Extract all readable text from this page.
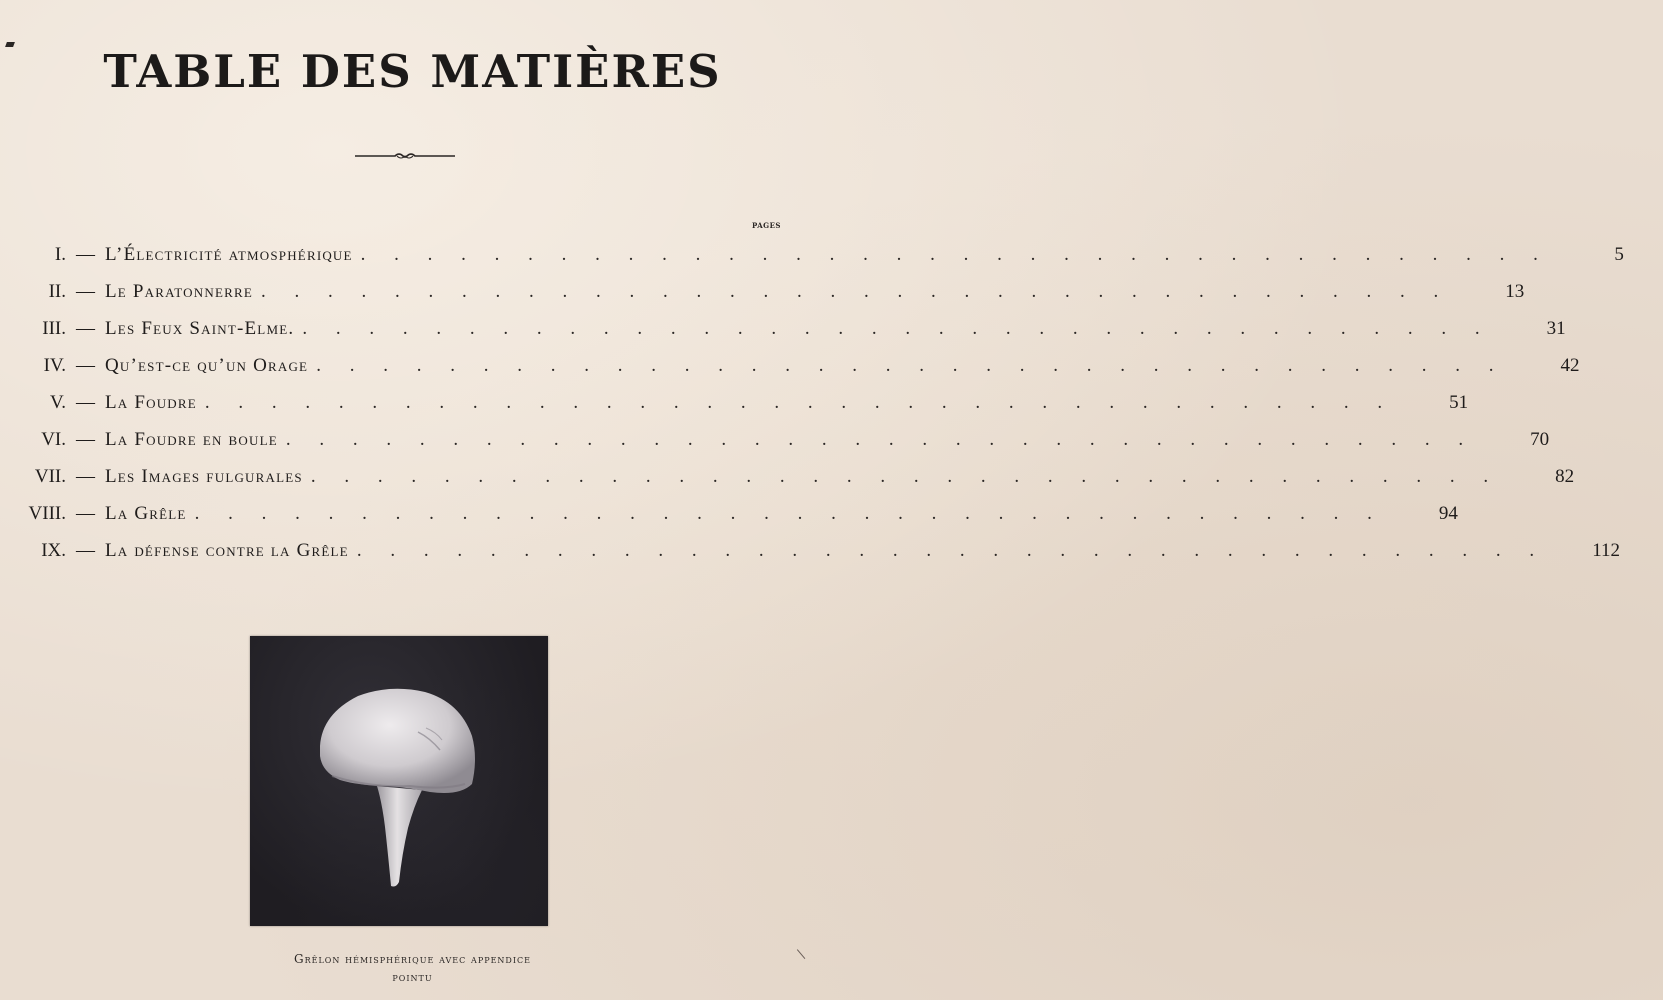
TABLE DES MATIÈRES
PAGES
I. — L’Électricité atmosphérique . . . . . . . . . . . . . . . . . . . . . . . . . . . . . . . . . . . .	5
II. — Le Paratonnerre . . . . . . . . . . . . . . . . . . . . . . . . . . . . . . . . . . . .	13
III. — Les Feux Saint-Elme. . . . . . . . . . . . . . . . . . . . . . . . . . . . . . . . . . . . .	31
IV. — Qu’est-ce qu’un Orage . . . . . . . . . . . . . . . . . . . . . . . . . . . . . . . . . . . .	42
V. — La Foudre . . . . . . . . . . . . . . . . . . . . . . . . . . . . . . . . . . . .	51
VI. — La Foudre en boule . . . . . . . . . . . . . . . . . . . . . . . . . . . . . . . . . . . .	70
VII. — Les Images fulgurales . . . . . . . . . . . . . . . . . . . . . . . . . . . . . . . . . . . .	82
VIII. — La Grêle . . . . . . . . . . . . . . . . . . . . . . . . . . . . . . . . . . . .	94
IX. — La défense contre la Grêle . . . . . . . . . . . . . . . . . . . . . . . . . . . . . . . . . . . .	112

Grêlon hémisphérique avec appendice
pointu
